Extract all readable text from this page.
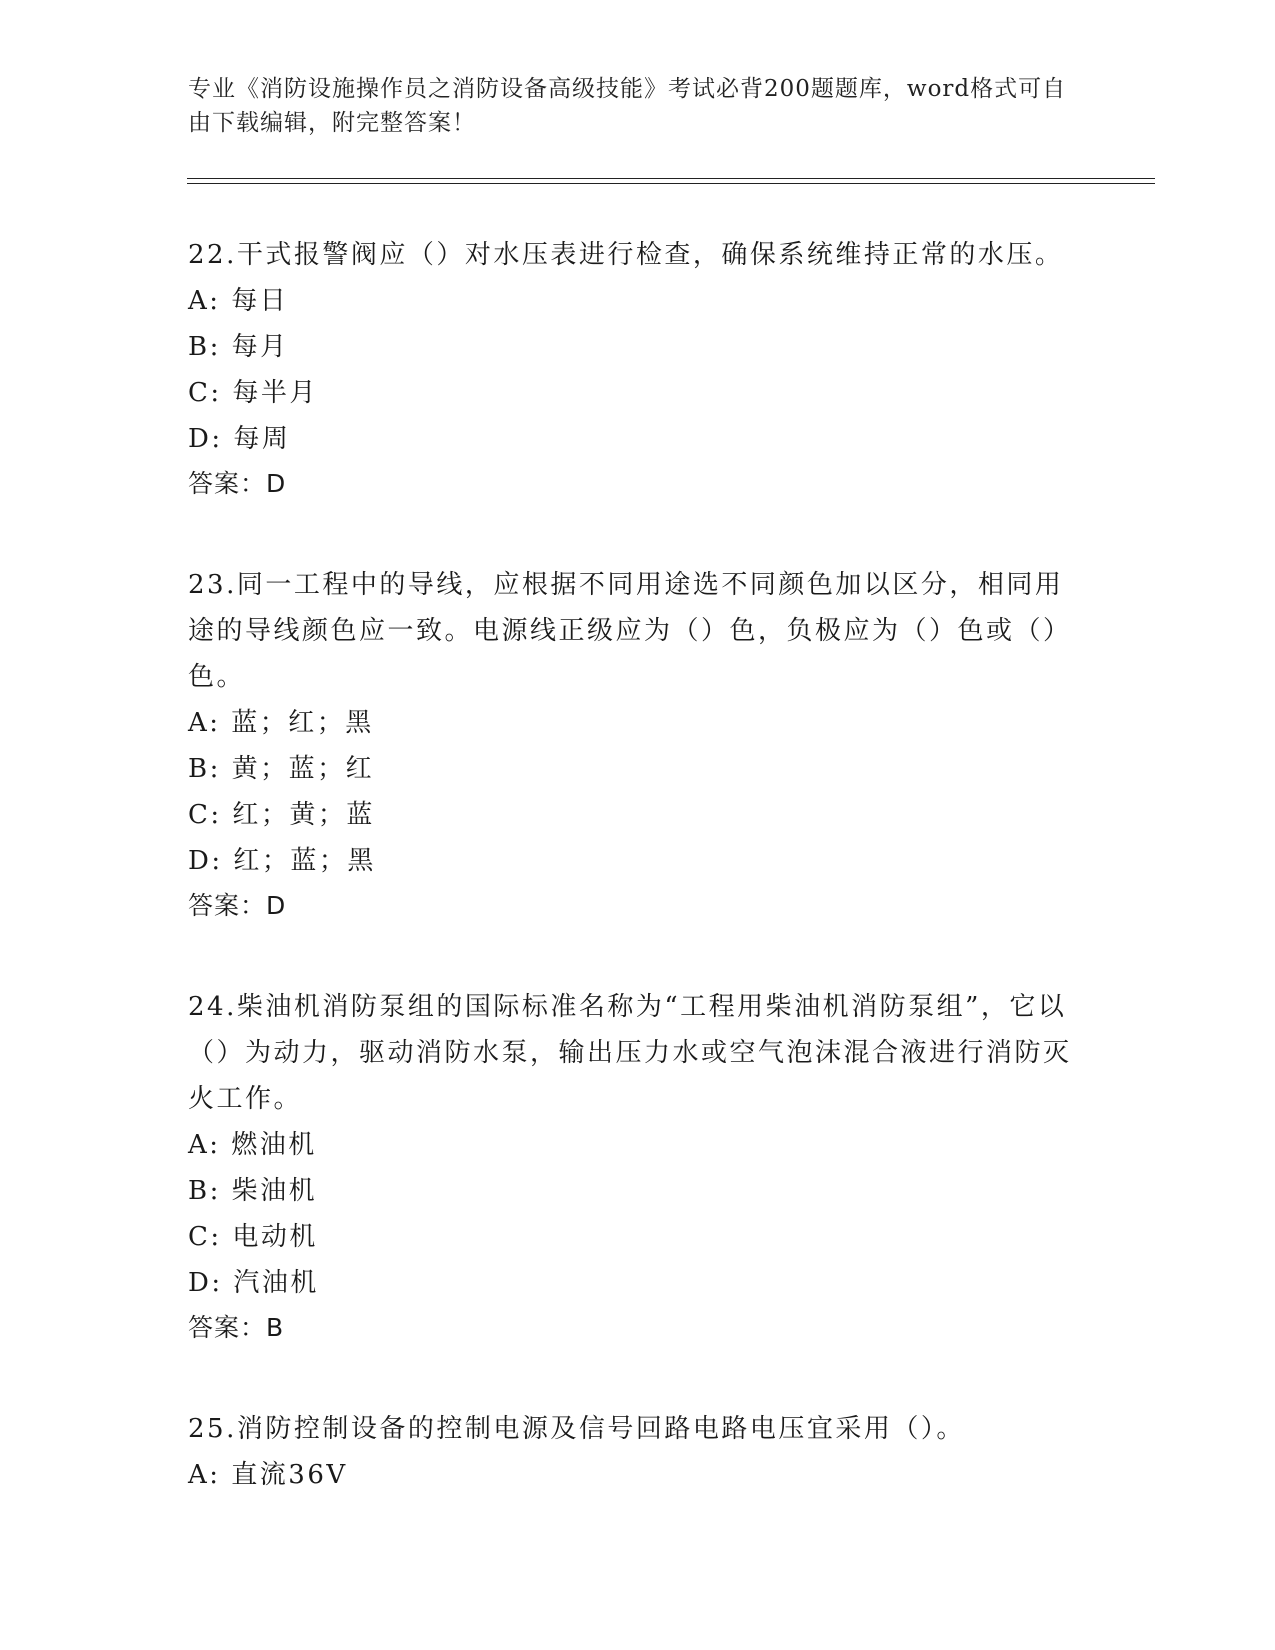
专业《消防设施操作员之消防设备高级技能》考试必背200题题库，word格式可自由下载编辑，附完整答案！

22.干式报警阀应（）对水压表进行检查，确保系统维持正常的水压。

A: 每日

B: 每月

C: 每半月

D: 每周

答案：D

23.同一工程中的导线，应根据不同用途选不同颜色加以区分，相同用途的导线颜色应一致。电源线正级应为（）色，负极应为（）色或（）色。

A: 蓝；红；黑

B: 黄；蓝；红

C: 红；黄；蓝

D: 红；蓝；黑

答案：D

24.柴油机消防泵组的国际标准名称为“工程用柴油机消防泵组”，它以（）为动力，驱动消防水泵，输出压力水或空气泡沫混合液进行消防灭火工作。

A: 燃油机

B: 柴油机

C: 电动机

D: 汽油机

答案：B

25.消防控制设备的控制电源及信号回路电路电压宜采用（）。

A: 直流36V
